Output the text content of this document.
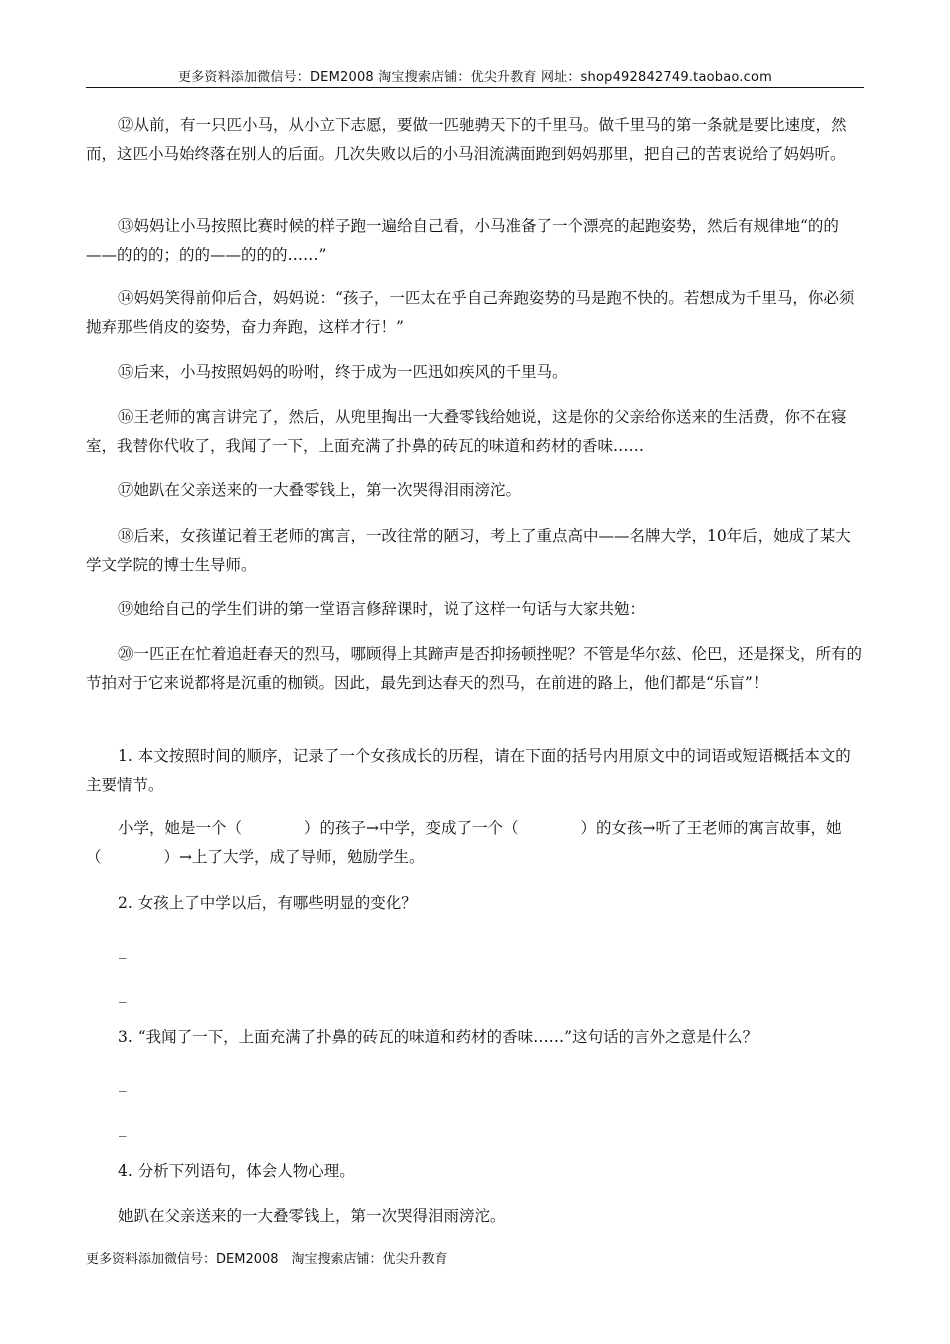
更多资料添加微信号：DEM2008 淘宝搜索店铺：优尖升教育 网址：shop492842749.taobao.com

⑫从前，有一只匹小马，从小立下志愿，要做一匹驰骋天下的千里马。做千里马的第一条就是要比速度，然而，这匹小马始终落在别人的后面。几次失败以后的小马泪流满面跑到妈妈那里，把自己的苦衷说给了妈妈听。

⑬妈妈让小马按照比赛时候的样子跑一遍给自己看，小马准备了一个漂亮的起跑姿势，然后有规律地“的的——的的的；的的——的的的……”

⑭妈妈笑得前仰后合，妈妈说：“孩子，一匹太在乎自己奔跑姿势的马是跑不快的。若想成为千里马，你必须抛弃那些俏皮的姿势，奋力奔跑，这样才行！”

⑮后来，小马按照妈妈的吩咐，终于成为一匹迅如疾风的千里马。

⑯王老师的寓言讲完了，然后，从兜里掏出一大叠零钱给她说，这是你的父亲给你送来的生活费，你不在寝室，我替你代收了，我闻了一下，上面充满了扑鼻的砖瓦的味道和药材的香味……

⑰她趴在父亲送来的一大叠零钱上，第一次哭得泪雨滂沱。

⑱后来，女孩谨记着王老师的寓言，一改往常的陋习，考上了重点高中——名牌大学，10年后，她成了某大学文学院的博士生导师。

⑲她给自己的学生们讲的第一堂语言修辞课时，说了这样一句话与大家共勉：

⑳一匹正在忙着追赶春天的烈马，哪顾得上其蹄声是否抑扬顿挫呢？不管是华尔兹、伦巴，还是探戈，所有的节拍对于它来说都将是沉重的枷锁。因此，最先到达春天的烈马，在前进的路上，他们都是“乐盲”！

1. 本文按照时间的顺序，记录了一个女孩成长的历程，请在下面的括号内用原文中的词语或短语概括本文的主要情节。

小学，她是一个（　　　　）的孩子→中学，变成了一个（　　　　）的女孩→听了王老师的寓言故事，她（　　　　）→上了大学，成了导师，勉励学生。

2. 女孩上了中学以后，有哪些明显的变化？

_
_

3. “我闻了一下，上面充满了扑鼻的砖瓦的味道和药材的香味……”这句话的言外之意是什么？

_
_

4. 分析下列语句，体会人物心理。

她趴在父亲送来的一大叠零钱上，第一次哭得泪雨滂沱。

更多资料添加微信号：DEM2008　淘宝搜索店铺：优尖升教育
